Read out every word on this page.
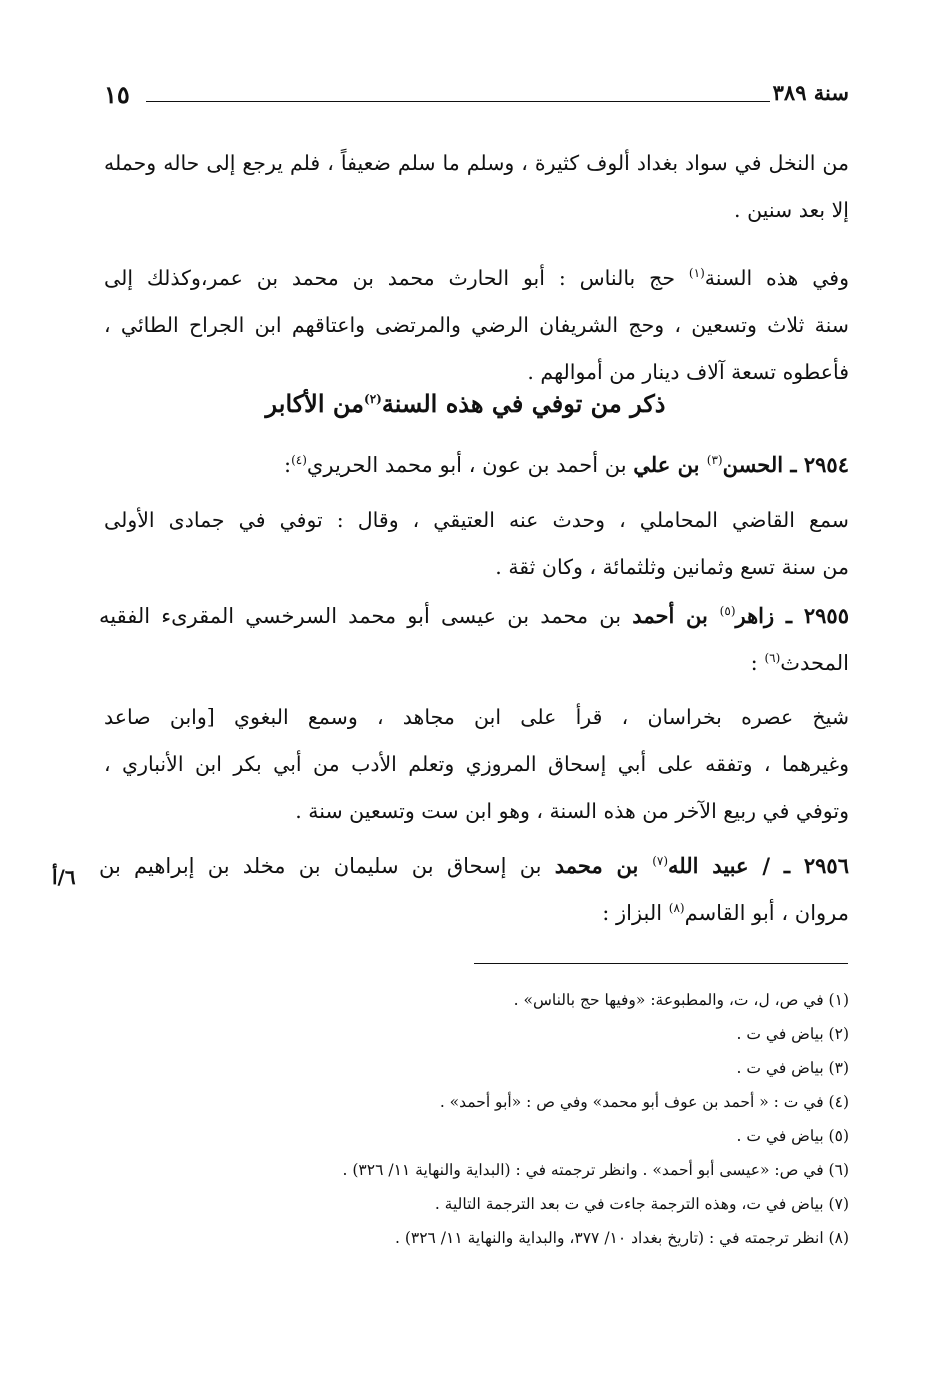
سنة ٣٨٩
١٥
من النخل في سواد بغداد ألوف كثيرة ، وسلم ما سلم ضعيفاً ، فلم يرجع إلى حاله وحمله
إلا بعد سنين .
وفي هذه السنة$^{(١)}$ حج بالناس : أبو الحارث محمد بن محمد بن عمر،وكذلك إلى
سنة ثلاث وتسعين ، وحج الشريفان الرضي والمرتضى واعتاقهم ابن الجراح الطائي ،
فأعطوه تسعة آلاف دينار من أموالهم .
ذكر من توفي في هذه السنة$^{(٢)}$من الأكابر
٢٩٥٤ ـ الحسن$^{(٣)}$ بن علي بن أحمد بن عون ، أبو محمد الحريري$^{(٤)}$:
سمع القاضي المحاملي ، وحدث عنه العتيقي ، وقال : توفي في جمادى الأولى
من سنة تسع وثمانين وثلثمائة ، وكان ثقة .
٢٩٥٥ ـ زاهر$^{(٥)}$ بن أحمد بن محمد بن عيسى أبو محمد السرخسي المقرىء الفقيه
المحدث$^{(٦)}$ :
شيخ عصره بخراسان ، قرأ على ابن مجاهد ، وسمع البغوي [وابن صاعد
وغيرهما ، وتفقه على أبي إسحاق المروزي وتعلم الأدب من أبي بكر ابن الأنباري ،
وتوفي في ربيع الآخر من هذه السنة ، وهو ابن ست وتسعين سنة .
٢٩٥٦ ـ / عبيد الله$^{(٧)}$ بن محمد بن إسحاق بن سليمان بن مخلد بن إبراهيم بن
مروان ، أبو القاسم$^{(٨)}$ البزاز :
٦/أ
(١) في ص، ل، ت، والمطبوعة: «وفيها حج بالناس» .
(٢) بياض في ت .
(٣) بياض في ت .
(٤) في ت : « أحمد بن عوف أبو محمد» وفي ص : «أبو أحمد» .
(٥) بياض في ت .
(٦) في ص: «عيسى أبو أحمد» . وانظر ترجمته في : (البداية والنهاية ١١/ ٣٢٦) .
(٧) بياض في ت، وهذه الترجمة جاءت في ت بعد الترجمة التالية .
(٨) انظر ترجمته في : (تاريخ بغداد ١٠/ ٣٧٧، والبداية والنهاية ١١/ ٣٢٦) .
